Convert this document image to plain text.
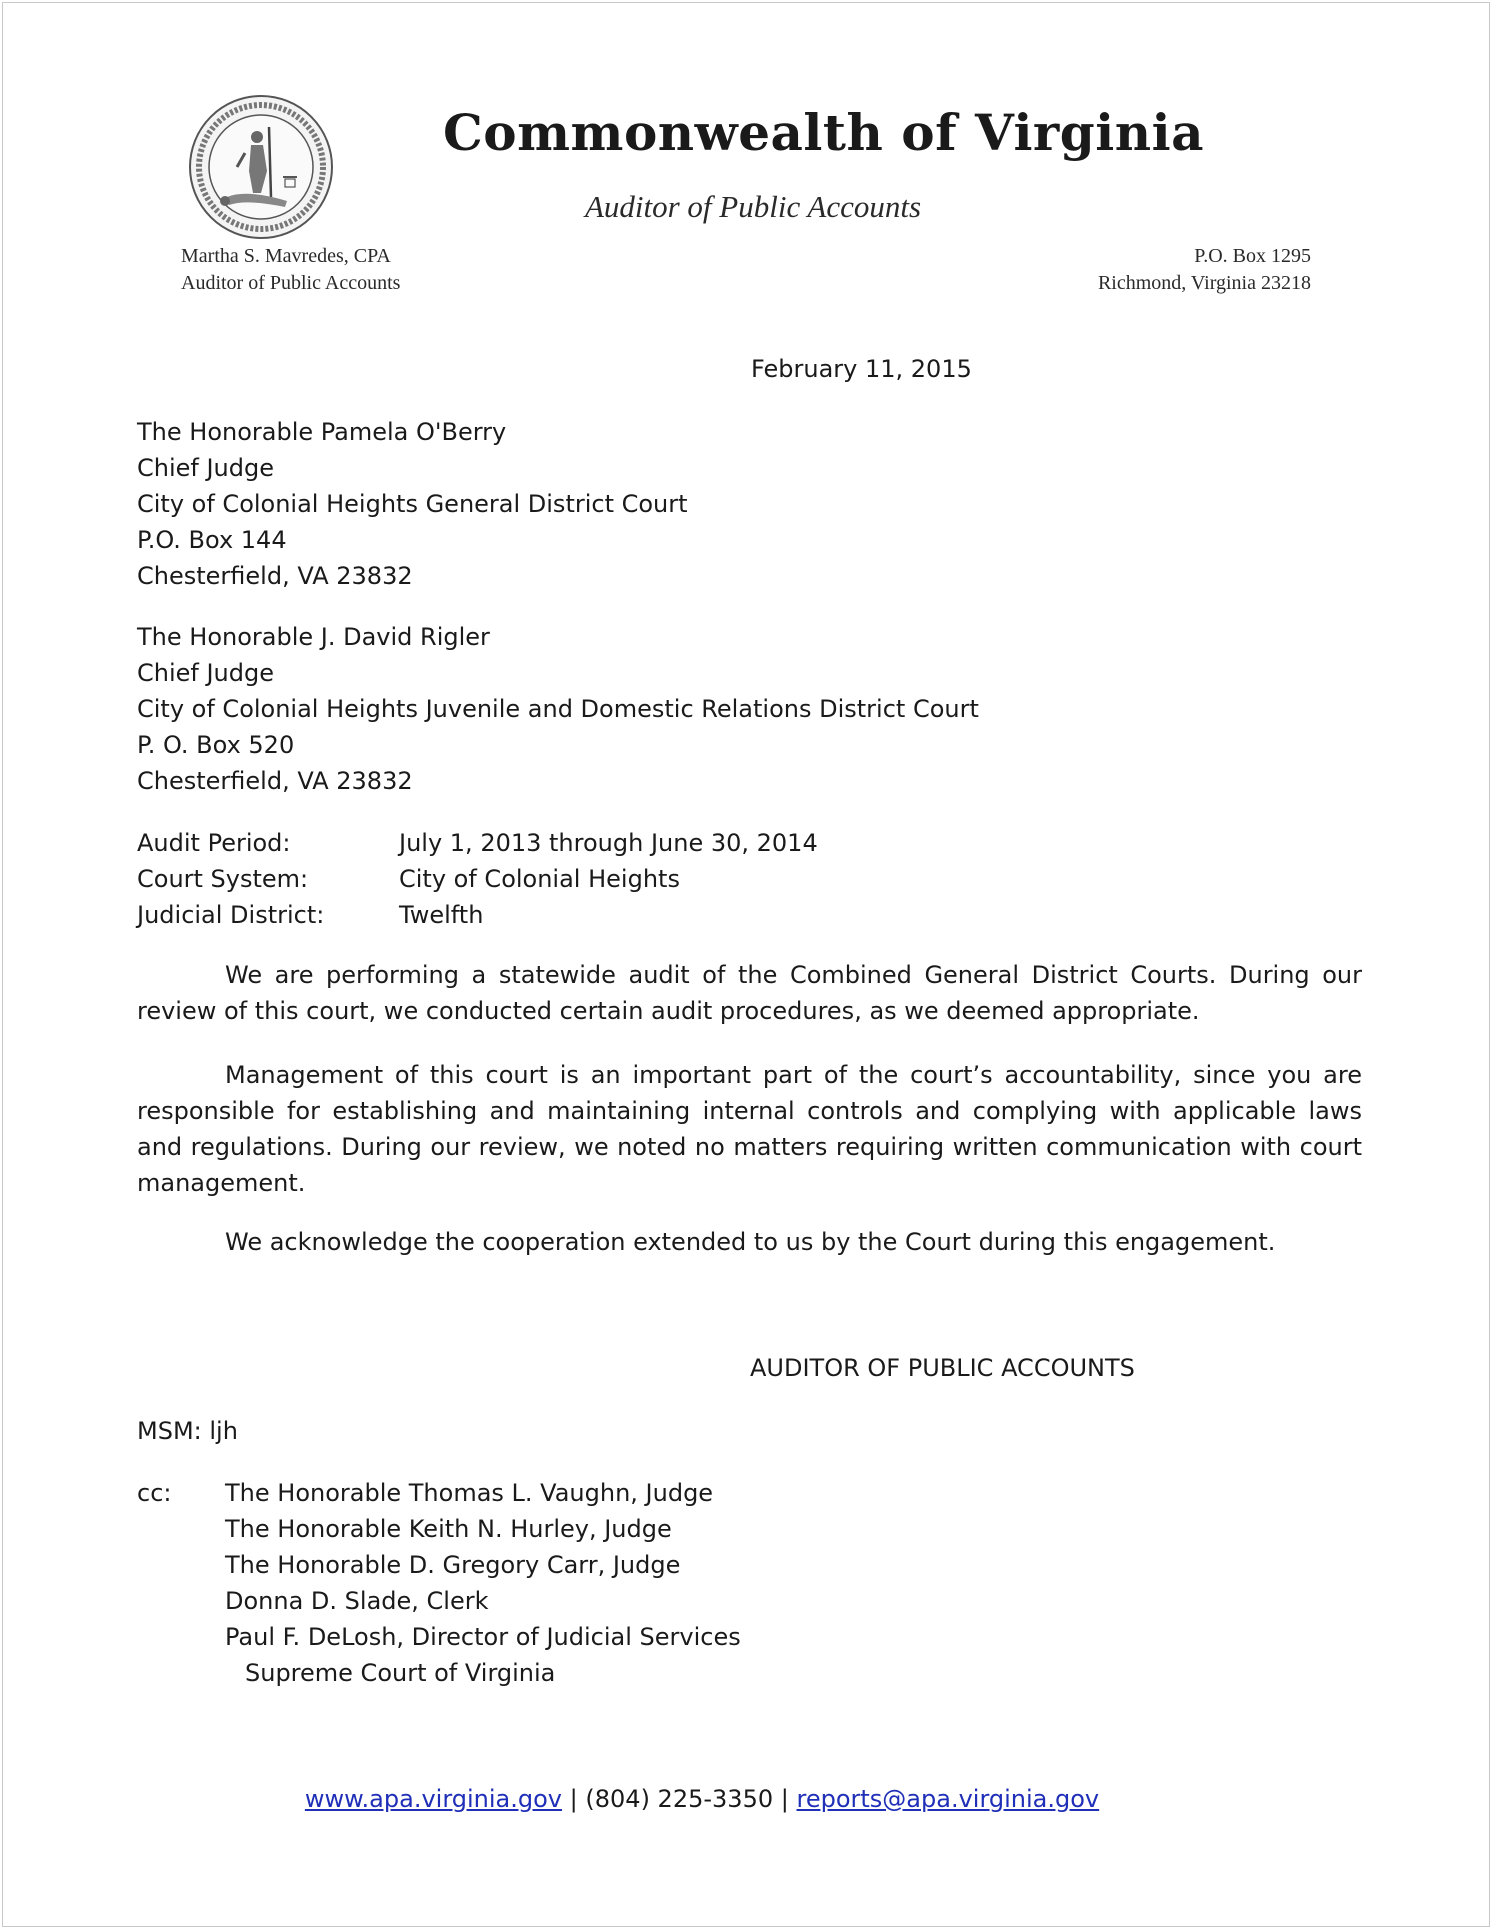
Commonwealth of Virginia
Auditor of Public Accounts
Martha S. Mavredes, CPA
Auditor of Public Accounts
P.O. Box 1295
Richmond, Virginia 23218
February 11, 2015
The Honorable Pamela O'Berry
Chief Judge
City of Colonial Heights General District Court
P.O. Box 144
Chesterfield, VA 23832
The Honorable J. David Rigler
Chief Judge
City of Colonial Heights Juvenile and Domestic Relations District Court
P. O. Box 520
Chesterfield, VA 23832
Audit Period:	July 1, 2013 through June 30, 2014
Court System:	City of Colonial Heights
Judicial District:	Twelfth

We are performing a statewide audit of the Combined General District Courts. During our review of this court, we conducted certain audit procedures, as we deemed appropriate.

Management of this court is an important part of the court’s accountability, since you are responsible for establishing and maintaining internal controls and complying with applicable laws and regulations. During our review, we noted no matters requiring written communication with court management.

We acknowledge the cooperation extended to us by the Court during this engagement.

AUDITOR OF PUBLIC ACCOUNTS
MSM: ljh
cc: The Honorable Thomas L. Vaughn, Judge
The Honorable Keith N. Hurley, Judge
The Honorable D. Gregory Carr, Judge
Donna D. Slade, Clerk
Paul F. DeLosh, Director of Judicial Services
Supreme Court of Virginia
www.apa.virginia.gov | (804) 225-3350 | reports@apa.virginia.gov
